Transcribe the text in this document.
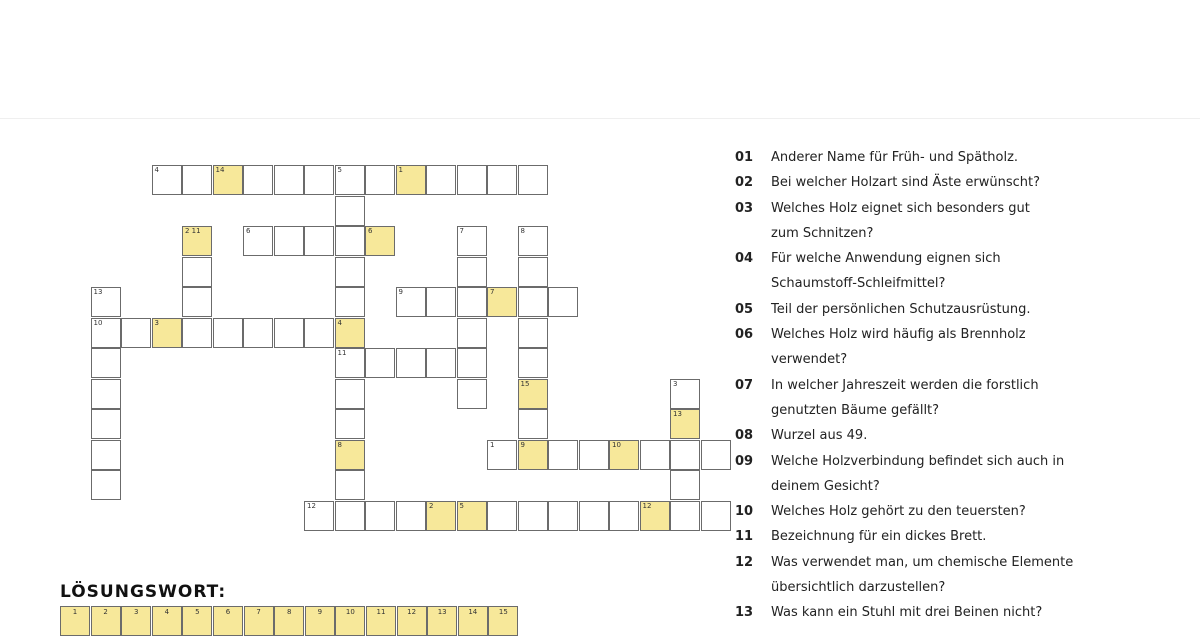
4	14	5	1
4
11
8
6	6
2 11	7	8
15
9
9	7
13
10	3
3
13
1	10
12	2	5	12
LÖSUNGSWORT:
1	2	3	4	5	6	7	8	9	10	11	12	13	14	15
01	Anderer Name für Früh- und Spätholz.
02	Bei welcher Holzart sind Äste erwünscht?
03	Welches Holz eignet sich besonders gut
zum Schnitzen?
04	Für welche Anwendung eignen sich
Schaumstoff-Schleifmittel?
05	Teil der persönlichen Schutzausrüstung.
06	Welches Holz wird häufig als Brennholz
verwendet?
07	In welcher Jahreszeit werden die forstlich
genutzten Bäume gefällt?
08	Wurzel aus 49.
09	Welche Holzverbindung befindet sich auch in
deinem Gesicht?
10	Welches Holz gehört zu den teuersten?
11	Bezeichnung für ein dickes Brett.
12	Was verwendet man, um chemische Elemente
übersichtlich darzustellen?
13	Was kann ein Stuhl mit drei Beinen nicht?
